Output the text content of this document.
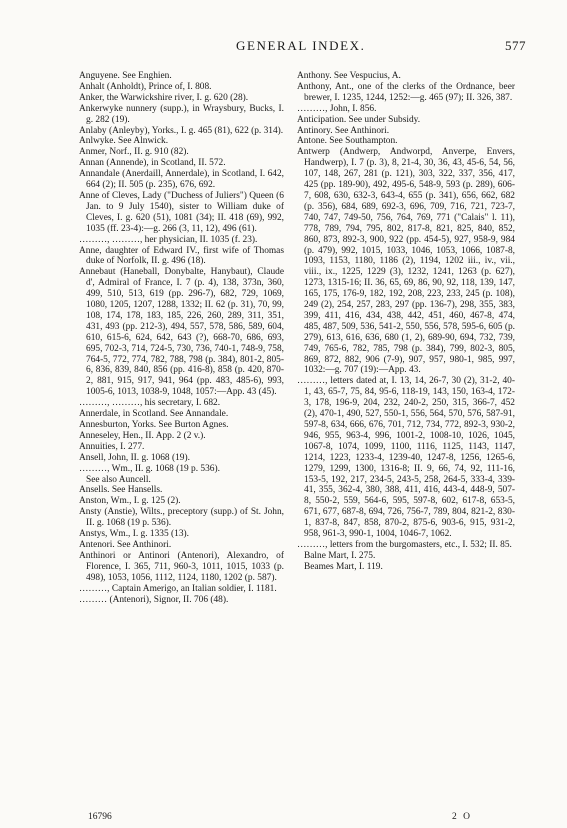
GENERAL INDEX.	577
Anguyene. See Enghien.
Anhalt (Anholdt), Prince of, I. 808.
Anker, the Warwickshire river, I. g. 620 (28).
Ankerwyke nunnery (supp.), in Wraysbury, Bucks, I. g. 282 (19).
Anlaby (Anleyby), Yorks., I. g. 465 (81), 622 (p. 314).
Anlwyke. See Alnwick.
Anmer, Norf., II. g. 910 (82).
Annan (Annende), in Scotland, II. 572.
Annandale (Anerdaill, Annerdale), in Scotland, I. 642, 664 (2); II. 505 (p. 235), 676, 692.
Anne of Cleves, Lady ("Duchess of Juliers") Queen (6 Jan. to 9 July 1540), sister to William duke of Cleves, I. g. 620 (51), 1081 (34); II. 418 (69), 992, 1035 (ff. 23-4):—g. 266 (3, 11, 12), 496 (61).
………, ………, her physician, II. 1035 (f. 23).
Anne, daughter of Edward IV., first wife of Thomas duke of Norfolk, II. g. 496 (18).
Annebaut (Haneball, Donybalte, Hanybaut), Claude d', Admiral of France, I. 7 (p. 4), 138, 373n, 360, 499, 510, 513, 619 (pp. 296-7), 682, 729, 1069, 1080, 1205, 1207, 1288, 1332; II. 62 (p. 31), 70, 99, 108, 174, 178, 183, 185, 226, 260, 289, 311, 351, 431, 493 (pp. 212-3), 494, 557, 578, 586, 589, 604, 610, 615-6, 624, 642, 643 (?), 668-70, 686, 693, 695, 702-3, 714, 724-5, 730, 736, 740-1, 748-9, 758, 764-5, 772, 774, 782, 788, 798 (p. 384), 801-2, 805-6, 836, 839, 840, 856 (pp. 416-8), 858 (p. 420, 870-2, 881, 915, 917, 941, 964 (pp. 483, 485-6), 993, 1005-6, 1013, 1038-9, 1048, 1057:—App. 43 (45).
………, ………, his secretary, I. 682.
Annerdale, in Scotland. See Annandale.
Annesburton, Yorks. See Burton Agnes.
Anneseley, Hen., II. App. 2 (2 v.).
Annuities, I. 277.
Ansell, John, II. g. 1068 (19).
………, Wm., II. g. 1068 (19 p. 536).
See also Auncell.
Ansells. See Hansells.
Anston, Wm., I. g. 125 (2).
Ansty (Anstie), Wilts., preceptory (supp.) of St. John, II. g. 1068 (19 p. 536).
Anstys, Wm., I. g. 1335 (13).
Antenori. See Anthinori.
Anthinori or Antinori (Antenori), Alexandro, of Florence, I. 365, 711, 960-3, 1011, 1015, 1033 (p. 498), 1053, 1056, 1112, 1124, 1180, 1202 (p. 587).
………, Captain Amerigo, an Italian soldier, I. 1181.
……… (Antenori), Signor, II. 706 (48).
Anthony. See Vespucius, A.
Anthony, Ant., one of the clerks of the Ordnance, beer brewer, I. 1235, 1244, 1252:—g. 465 (97); II. 326, 387.
………, John, I. 856.
Anticipation. See under Subsidy.
Antinory. See Anthinori.
Antone. See Southampton.
Antwerp (Andwerp, Andworpd, Anverpe, Envers, Handwerp), I. 7 (p. 3), 8, 21-4, 30, 36, 43, 45-6, 54, 56, 107, 148, 267, 281 (p. 121), 303, 322, 337, 356, 417, 425 (pp. 189-90), 492, 495-6, 548-9, 593 (p. 289), 606-7, 608, 630, 632-3, 643-4, 655 (p. 341), 656, 662, 682 (p. 356), 684, 689, 692-3, 696, 709, 716, 721, 723-7, 740, 747, 749-50, 756, 764, 769, 771 ("Calais" l. 11), 778, 789, 794, 795, 802, 817-8, 821, 825, 840, 852, 860, 873, 892-3, 900, 922 (pp. 454-5), 927, 958-9, 984 (p. 479), 992, 1015, 1033, 1046, 1053, 1066, 1087-8, 1093, 1153, 1180, 1186 (2), 1194, 1202 iii., iv., vii., viii., ix., 1225, 1229 (3), 1232, 1241, 1263 (p. 627), 1273, 1315-16; II. 36, 65, 69, 86, 90, 92, 118, 139, 147, 165, 175, 176-9, 182, 192, 208, 223, 233, 245 (p. 108), 249 (2), 254, 257, 283, 297 (pp. 136-7), 298, 355, 383, 399, 411, 416, 434, 438, 442, 451, 460, 467-8, 474, 485, 487, 509, 536, 541-2, 550, 556, 578, 595-6, 605 (p. 279), 613, 616, 636, 680 (1, 2), 689-90, 694, 732, 739, 749, 765-6, 782, 785, 798 (p. 384), 799, 802-3, 805, 869, 872, 882, 906 (7-9), 907, 957, 980-1, 985, 997, 1032:—g. 707 (19):—App. 43.
………, letters dated at, I. 13, 14, 26-7, 30 (2), 31-2, 40-1, 43, 65-7, 75, 84, 95-6, 118-19, 143, 150, 163-4, 172-3, 178, 196-9, 204, 232, 240-2, 250, 315, 366-7, 452 (2), 470-1, 490, 527, 550-1, 556, 564, 570, 576, 587-91, 597-8, 634, 666, 676, 701, 712, 734, 772, 892-3, 930-2, 946, 955, 963-4, 996, 1001-2, 1008-10, 1026, 1045, 1067-8, 1074, 1099, 1100, 1116, 1125, 1143, 1147, 1214, 1223, 1233-4, 1239-40, 1247-8, 1256, 1265-6, 1279, 1299, 1300, 1316-8; II. 9, 66, 74, 92, 111-16, 153-5, 192, 217, 234-5, 243-5, 258, 264-5, 333-4, 339-41, 355, 362-4, 380, 388, 411, 416, 443-4, 448-9, 507-8, 550-2, 559, 564-6, 595, 597-8, 602, 617-8, 653-5, 671, 677, 687-8, 694, 726, 756-7, 789, 804, 821-2, 830-1, 837-8, 847, 858, 870-2, 875-6, 903-6, 915, 931-2, 958, 961-3, 990-1, 1004, 1046-7, 1062.
………, letters from the burgomasters, etc., I. 532; II. 85.
Balne Mart, I. 275.
Beames Mart, I. 119.
16796	2 O
